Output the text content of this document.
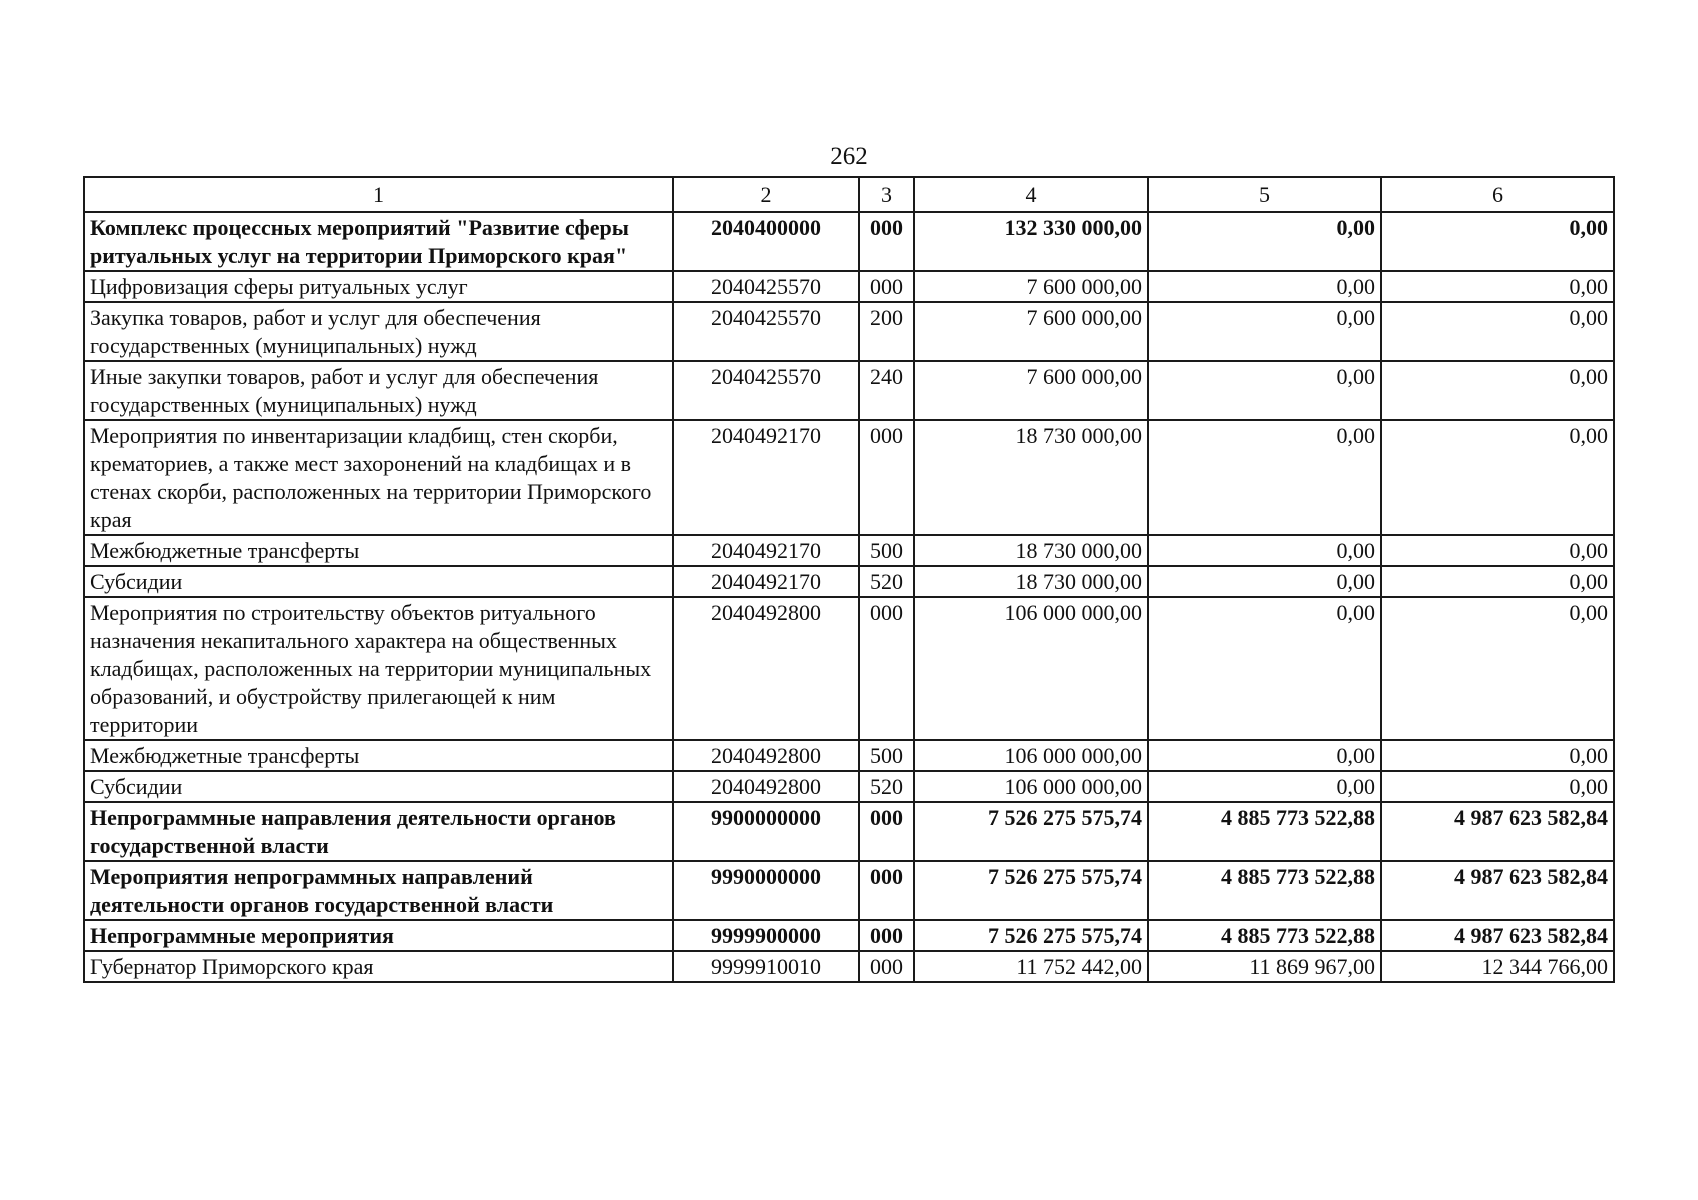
262
1	2	3	4	5	6
Комплекс процессных мероприятий "Развитие сферы ритуальных услуг на территории Приморского края"	2040400000	000	132 330 000,00	0,00	0,00
Цифровизация сферы ритуальных услуг	2040425570	000	7 600 000,00	0,00	0,00
Закупка товаров, работ и услуг для обеспечения государственных (муниципальных) нужд	2040425570	200	7 600 000,00	0,00	0,00
Иные закупки товаров, работ и услуг для обеспечения государственных (муниципальных) нужд	2040425570	240	7 600 000,00	0,00	0,00
Мероприятия по инвентаризации кладбищ, стен скорби, крематориев, а также мест захоронений на кладбищах и в стенах скорби, расположенных на территории Приморского края	2040492170	000	18 730 000,00	0,00	0,00
Межбюджетные трансферты	2040492170	500	18 730 000,00	0,00	0,00
Субсидии	2040492170	520	18 730 000,00	0,00	0,00
Мероприятия по строительству объектов ритуального назначения некапитального характера на общественных кладбищах, расположенных на территории муниципальных образований, и обустройству прилегающей к ним территории	2040492800	000	106 000 000,00	0,00	0,00
Межбюджетные трансферты	2040492800	500	106 000 000,00	0,00	0,00
Субсидии	2040492800	520	106 000 000,00	0,00	0,00
Непрограммные направления деятельности органов государственной власти	9900000000	000	7 526 275 575,74	4 885 773 522,88	4 987 623 582,84
Мероприятия непрограммных направлений деятельности органов государственной власти	9990000000	000	7 526 275 575,74	4 885 773 522,88	4 987 623 582,84
Непрограммные мероприятия	9999900000	000	7 526 275 575,74	4 885 773 522,88	4 987 623 582,84
Губернатор Приморского края	9999910010	000	11 752 442,00	11 869 967,00	12 344 766,00
